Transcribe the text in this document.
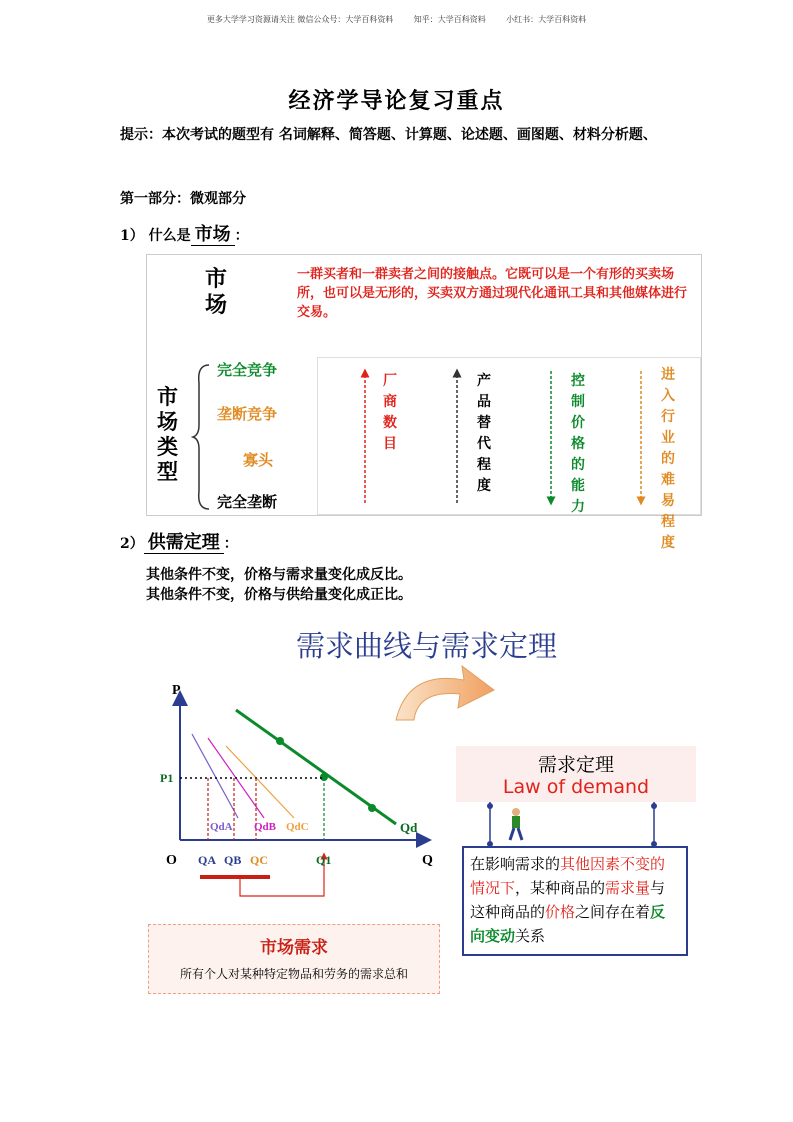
更多大学学习资源请关注 微信公众号：大学百科资料        知乎：大学百科资料        小红书：大学百科资料
经济学导论复习重点
提示：本次考试的题型有 名词解释、简答题、计算题、论述题、画图题、材料分析题、
第一部分：微观部分
1） 什么是 市场 ：
市场
一群买者和一群卖者之间的接触点。它既可以是一个有形的买卖场所，也可以是无形的，买卖双方通过现代化通讯工具和其他媒体进行交易。
市场类型
完全竞争
垄断竞争
寡头
完全垄断
厂商数目
产品替代程度
控制价格的能力
进入行业的难易程度
2） 供需定理 ：
其他条件不变，价格与需求量变化成反比。
其他条件不变，价格与供给量变化成正比。
需求曲线与需求定理
P
Q
O
P1
QA QB QC	Q1
QdA QdB QdC	Qd
需求定理
Law of demand
在影响需求的其他因素不变的情况下，某种商品的需求量与这种商品的价格之间存在着反向变动关系
市场需求
所有个人对某种特定物品和劳务的需求总和
